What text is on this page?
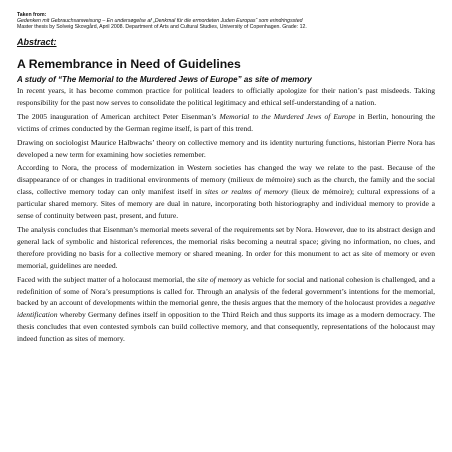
Taken from:
Gedenken mit Gebrauchsanweisung – En undersøgelse af „Denkmal für die ermordeten Juden Europas“ som erindringssted
Master thesis by Solveig Skovgård, April 2008. Department of Arts and Cultural Studies, University of Copenhagen. Grade: 12.
Abstract:
A Remembrance in Need of Guidelines
A study of “The Memorial to the Murdered Jews of Europe” as site of memory

In recent years, it has become common practice for political leaders to officially apologize for their nation’s past misdeeds. Taking responsibility for the past now serves to consolidate the political legitimacy and ethical self-understanding of a nation.

The 2005 inauguration of American architect Peter Eisenman’s Memorial to the Murdered Jews of Europe in Berlin, honouring the victims of crimes conducted by the German regime itself, is part of this trend.

Drawing on sociologist Maurice Halbwachs’ theory on collective memory and its identity nurturing functions, historian Pierre Nora has developed a new term for examining how societies remember.

According to Nora, the process of modernization in Western societies has changed the way we relate to the past. Because of the disappearance of or changes in traditional environments of memory (milieux de mémoire) such as the church, the family and the social class, collective memory today can only manifest itself in sites or realms of memory (lieux de mémoire); cultural expressions of a particular shared memory. Sites of memory are dual in nature, incorporating both historiography and individual memory to provide a sense of continuity between past, present, and future.

The analysis concludes that Eisenman’s memorial meets several of the requirements set by Nora. However, due to its abstract design and general lack of symbolic and historical references, the memorial risks becoming a neutral space; giving no information, no clues, and therefore providing no basis for a collective memory or shared meaning. In order for this monument to act as site of memory or even memorial, guidelines are needed.

Faced with the subject matter of a holocaust memorial, the site of memory as vehicle for social and national cohesion is challenged, and a redefinition of some of Nora’s presumptions is called for. Through an analysis of the federal government’s intentions for the memorial, backed by an account of developments within the memorial genre, the thesis argues that the memory of the holocaust provides a negative identification whereby Germany defines itself in opposition to the Third Reich and thus supports its image as a modern democracy. The thesis concludes that even contested symbols can build collective memory, and that consequently, representations of the holocaust may indeed function as sites of memory.
